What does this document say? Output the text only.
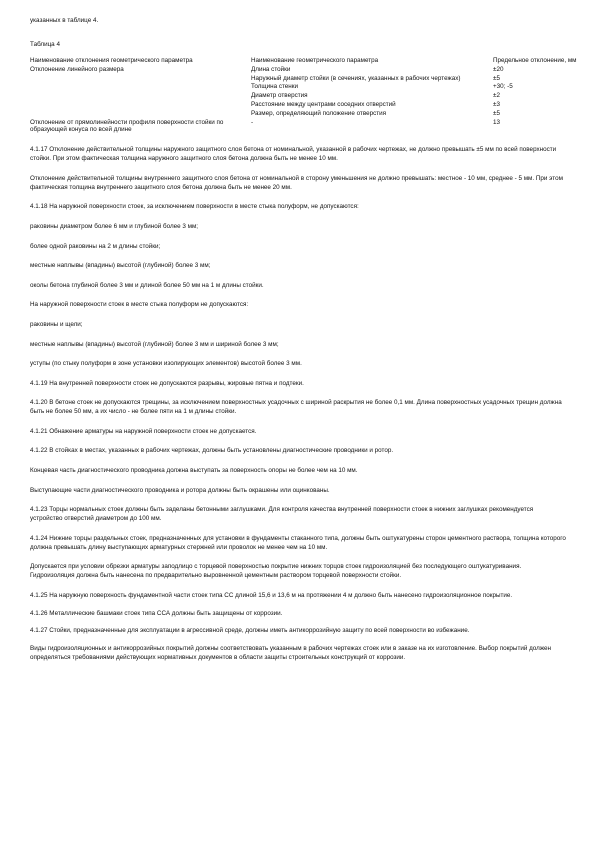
указанных в таблице 4.

Таблица 4

Наименование отклонения геометрического параметра	Наименование геометрического параметра	Предельное отклонение, мм
Отклонение линейного размера	Длина стойки	±20
	Наружный диаметр стойки (в сечениях, указанных в рабочих чертежах)	±5
	Толщина стенки	+30; -5
	Диаметр отверстия	±2
	Расстояние между центрами соседних отверстий	±3
	Размер, определяющий положение отверстия	±5
Отклонение от прямолинейности профиля поверхности стойки по образующей конуса по всей длине	-	13

4.1.17 Отклонение действительной толщины наружного защитного слоя бетона от номинальной, указанной в рабочих чертежах, не должно превышать ±5 мм по всей поверхности стойки. При этом фактическая толщина наружного защитного слоя бетона должна быть не менее 10 мм.

Отклонение действительной толщины внутреннего защитного слоя бетона от номинальной в сторону уменьшения не должно превышать: местное - 10 мм, среднее - 5 мм. При этом фактическая толщина внутреннего защитного слоя бетона должна быть не менее 20 мм.

4.1.18 На наружной поверхности стоек, за исключением поверхности в месте стыка полуформ, не допускаются:

раковины диаметром более 6 мм и глубиной более 3 мм;

более одной раковины на 2 м длины стойки;

местные наплывы (впадины) высотой (глубиной) более 3 мм;

околы бетона глубиной более 3 мм и длиной более 50 мм на 1 м длины стойки.

На наружной поверхности стоек в месте стыка полуформ не допускаются:

раковины и щели;

местные наплывы (впадины) высотой (глубиной) более 3 мм и шириной более 3 мм;

уступы (по стыку полуформ в зоне установки изолирующих элементов) высотой более 3 мм.

4.1.19 На внутренней поверхности стоек не допускаются разрывы, жировые пятна и подтеки.

4.1.20 В бетоне стоек не допускаются трещины, за исключением поверхностных усадочных с шириной раскрытия не более 0,1 мм. Длина поверхностных усадочных трещин должна быть не более 50 мм, а их число - не более пяти на 1 м длины стойки.

4.1.21 Обнажение арматуры на наружной поверхности стоек не допускается.

4.1.22 В стойках в местах, указанных в рабочих чертежах, должны быть установлены диагностические проводники и ротор.

Концевая часть диагностического проводника должна выступать за поверхность опоры не более чем на 10 мм.

Выступающие части диагностического проводника и ротора должны быть окрашены или оцинкованы.

4.1.23 Торцы нормальных стоек должны быть заделаны бетонными заглушками. Для контроля качества внутренней поверхности стоек в нижних заглушках рекомендуется устройство отверстий диаметром до 100 мм.

4.1.24 Нижние торцы раздельных стоек, предназначенных для установки в фундаменты стаканного типа, должны быть оштукатурены сторон цементного раствора, толщина которого должна превышать длину выступающих арматурных стержней или проволок не менее чем на 10 мм.

Допускается при условии обрезки арматуры заподлицо с торцевой поверхностью покрытие нижних торцов стоек гидроизоляцией без последующего оштукатуривания. Гидроизоляция должна быть нанесена по предварительно выровненной цементным раствором торцевой поверхности стойки.

4.1.25 На наружную поверхность фундаментной части стоек типа СС длиной 15,6 и 13,6 м на протяжении 4 м должно быть нанесено гидроизоляционное покрытие.

4.1.26 Металлические башмаки стоек типа ССА должны быть защищены от коррозии.

4.1.27 Стойки, предназначенные для эксплуатации в агрессивной среде, должны иметь антикоррозийную защиту по всей поверхности во избежание.

Виды гидроизоляционных и антикоррозийных покрытий должны соответствовать указанным в рабочих чертежах стоек или в заказе на их изготовление. Выбор покрытий должен определяться требованиями действующих нормативных документов в области защиты строительных конструкций от коррозии.
